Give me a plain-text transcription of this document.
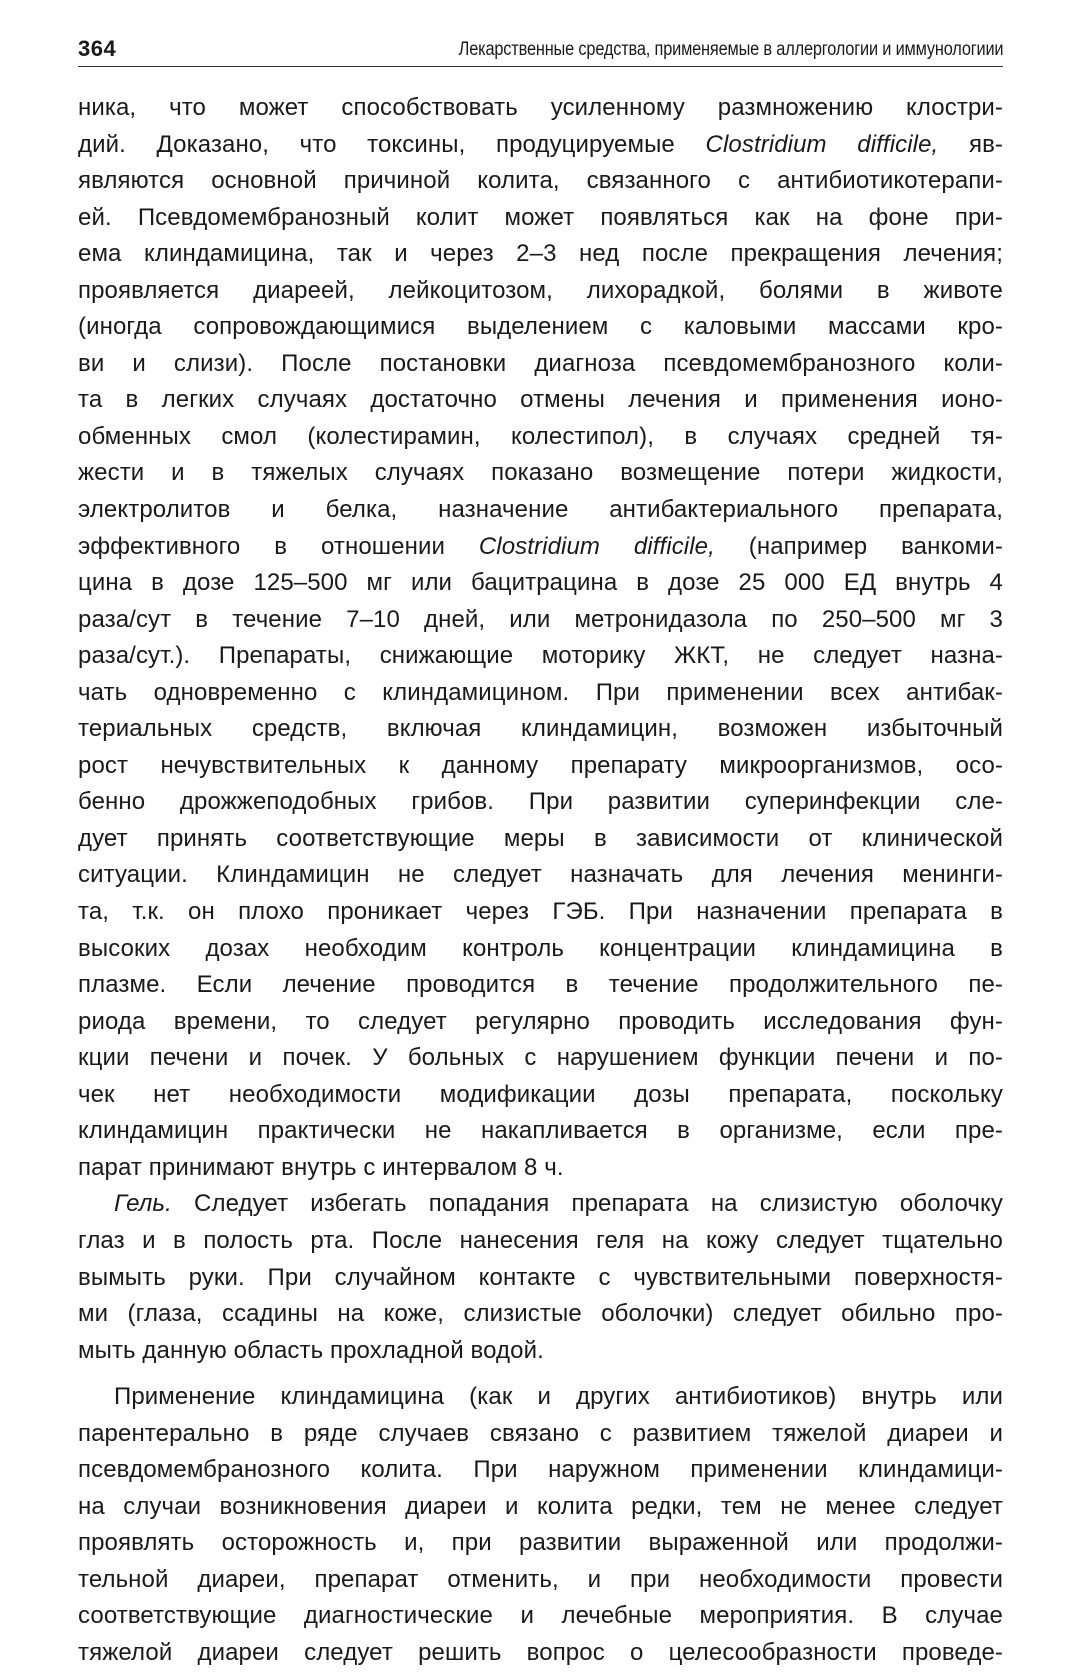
364	Лекарственные средства, применяемые в аллергологии и иммунологиии
ника, что может способствовать усиленному размножению клостри-
дий. Доказано, что токсины, продуцируемые Clostridium difficile, яв-
являются основной причиной колита, связанного с антибиотикотерапи-
ей. Псевдомембранозный колит может появляться как на фоне при-
ема клиндамицина, так и через 2–3 нед после прекращения лечения;
проявляется диареей, лейкоцитозом, лихорадкой, болями в животе
(иногда сопровождающимися выделением с каловыми массами кро-
ви и слизи). После постановки диагноза псевдомембранозного коли-
та в легких случаях достаточно отмены лечения и применения ионо-
обменных смол (колестирамин, колестипол), в случаях средней тя-
жести и в тяжелых случаях показано возмещение потери жидкости,
электролитов и белка, назначение антибактериального препарата,
эффективного в отношении Clostridium difficile, (например ванкоми-
цина в дозе 125–500 мг или бацитрацина в дозе 25 000 ЕД внутрь 4
раза/сут в течение 7–10 дней, или метронидазола по 250–500 мг 3
раза/сут.). Препараты, снижающие моторику ЖКТ, не следует назна-
чать одновременно с клиндамицином. При применении всех антибак-
териальных средств, включая клиндамицин, возможен избыточный
рост нечувствительных к данному препарату микроорганизмов, осо-
бенно дрожжеподобных грибов. При развитии суперинфекции сле-
дует принять соответствующие меры в зависимости от клинической
ситуации. Клиндамицин не следует назначать для лечения менинги-
та, т.к. он плохо проникает через ГЭБ. При назначении препарата в
высоких дозах необходим контроль концентрации клиндамицина в
плазме. Если лечение проводится в течение продолжительного пе-
риода времени, то следует регулярно проводить исследования фун-
кции печени и почек. У больных с нарушением функции печени и по-
чек нет необходимости модификации дозы препарата, поскольку
клиндамицин практически не накапливается в организме, если пре-
парат принимают внутрь с интервалом 8 ч.
Гель. Следует избегать попадания препарата на слизистую оболочку
глаз и в полость рта. После нанесения геля на кожу следует тщательно
вымыть руки. При случайном контакте с чувствительными поверхностя-
ми (глаза, ссадины на коже, слизистые оболочки) следует обильно про-
мыть данную область прохладной водой.
Применение клиндамицина (как и других антибиотиков) внутрь или
парентерально в ряде случаев связано с развитием тяжелой диареи и
псевдомембранозного колита. При наружном применении клиндамици-
на случаи возникновения диареи и колита редки, тем не менее следует
проявлять осторожность и, при развитии выраженной или продолжи-
тельной диареи, препарат отменить, и при необходимости провести
соответствующие диагностические и лечебные мероприятия. В случае
тяжелой диареи следует решить вопрос о целесообразности проведе-
